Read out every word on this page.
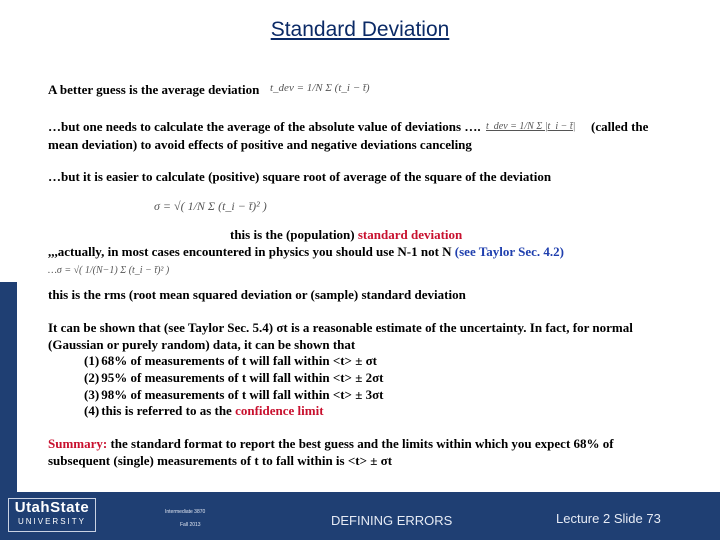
Standard Deviation
A better guess is the average deviation t_dev = 1/N Σ (t_i − t̄)
…but one needs to calculate the average of the absolute value of deviations …. t_dev = 1/N Σ |t_i − t̄| (called the
mean deviation) to avoid effects of positive and negative deviations canceling
…but it is easier to calculate (positive) square root of average of the square of the deviation
σ = √( 1/N Σ (t_i − t̄)² )
this is the (population) standard deviation
,,,actually, in most cases encountered in physics you should use N-1 not N (see Taylor Sec. 4.2)
…σ = √( 1/(N−1) Σ (t_i − t̄)² )
this is the rms (root mean squared deviation or (sample) standard deviation
It can be shown that (see Taylor Sec. 5.4) σt is a reasonable estimate of the uncertainty. In fact, for normal
(Gaussian or purely random) data, it can be shown that
(1) 68% of measurements of t will fall within <t> ± σt
(2) 95% of measurements of t will fall within <t> ± 2σt
(3) 98% of measurements of t will fall within <t> ± 3σt
(4) this is referred to as the confidence limit
Summary: the standard format to report the best guess and the limits within which you expect 68% of
subsequent (single) measurements of t to fall within is <t> ± σt
UtahState
UNIVERSITY
Intermediate 3870
Fall 2013	DEFINING ERRORS	Lecture 2 Slide 73
